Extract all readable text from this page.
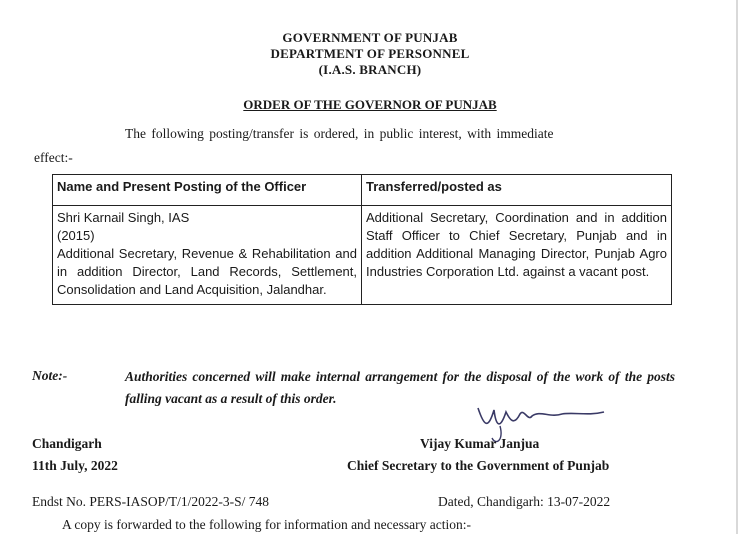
GOVERNMENT OF PUNJAB
DEPARTMENT OF PERSONNEL
(I.A.S. BRANCH)
ORDER OF THE GOVERNOR OF PUNJAB
The following posting/transfer is ordered, in public interest, with immediate
effect:-
Name and Present Posting of the Officer	Transferred/posted as

Shri Karnail Singh, IAS
(2015)
Additional Secretary, Revenue & Rehabilitation and in addition Director, Land Records, Settlement, Consolidation and Land Acquisition, Jalandhar.	Additional Secretary, Coordination and in addition Staff Officer to Chief Secretary, Punjab and in addition Additional Managing Director, Punjab Agro Industries Corporation Ltd. against a vacant post.
Note:-	Authorities concerned will make internal arrangement for the disposal of the work of the posts falling vacant as a result of this order.
Chandigarh
11th July, 2022
Vijay Kumar Janjua
Chief Secretary to the Government of Punjab
Endst No. PERS-IASOP/T/1/2022-3-S/ 748	Dated, Chandigarh: 13-07-2022
A copy is forwarded to the following for information and necessary action:-
